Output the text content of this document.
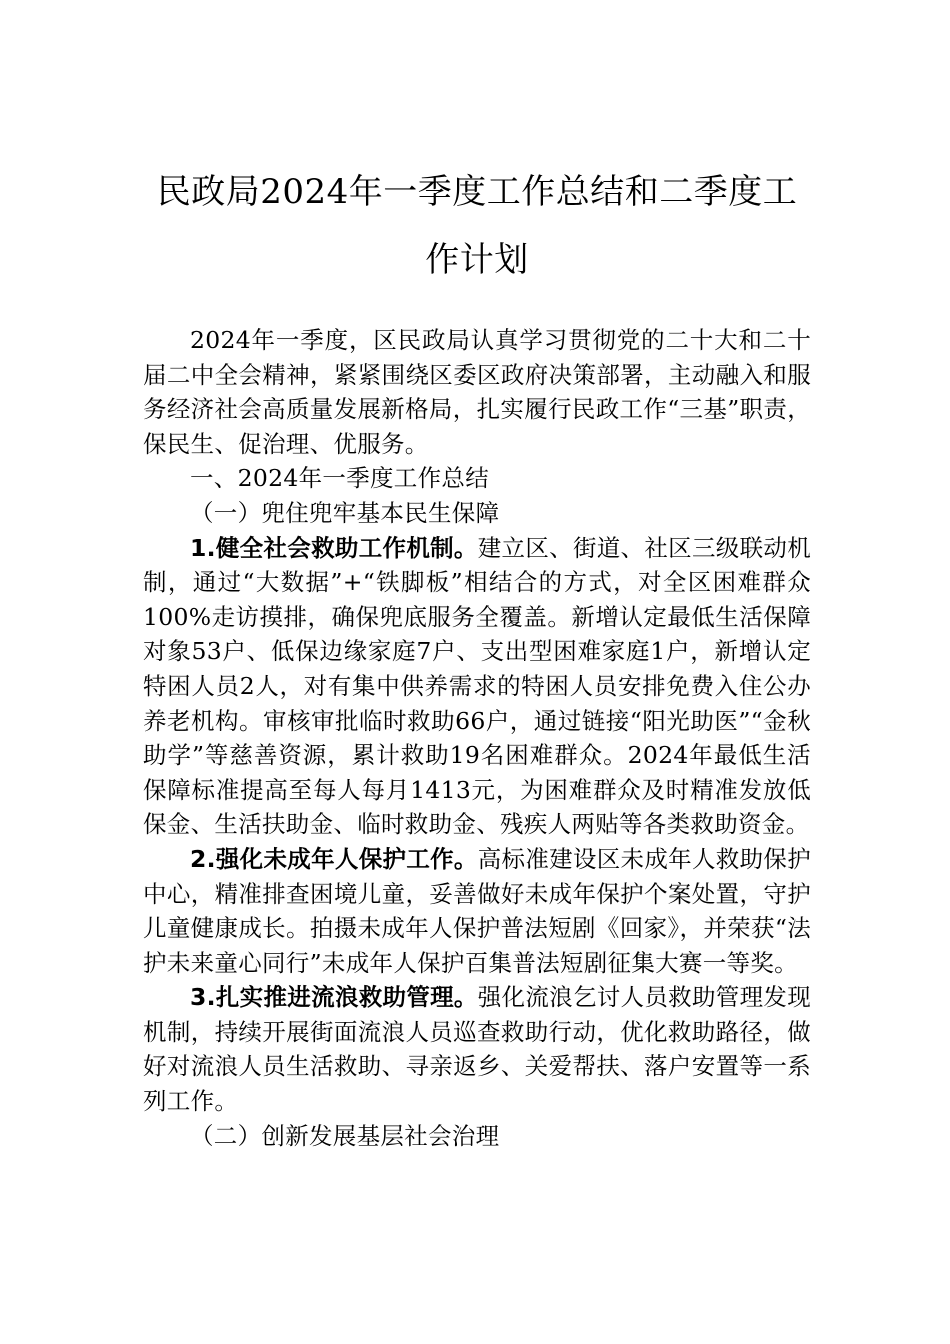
民政局2024年一季度工作总结和二季度工
作计划

2024年一季度，区民政局认真学习贯彻党的二十大和二十届二中全会精神，紧紧围绕区委区政府决策部署，主动融入和服务经济社会高质量发展新格局，扎实履行民政工作“三基”职责，保民生、促治理、优服务。

一、2024年一季度工作总结

（一）兜住兜牢基本民生保障

1.健全社会救助工作机制。建立区、街道、社区三级联动机制，通过“大数据”+“铁脚板”相结合的方式，对全区困难群众100%走访摸排，确保兜底服务全覆盖。新增认定最低生活保障对象53户、低保边缘家庭7户、支出型困难家庭1户，新增认定特困人员2人，对有集中供养需求的特困人员安排免费入住公办养老机构。审核审批临时救助66户，通过链接“阳光助医”“金秋助学”等慈善资源，累计救助19名困难群众。2024年最低生活保障标准提高至每人每月1413元，为困难群众及时精准发放低保金、生活扶助金、临时救助金、残疾人两贴等各类救助资金。

2.强化未成年人保护工作。高标准建设区未成年人救助保护中心，精准排查困境儿童，妥善做好未成年保护个案处置，守护儿童健康成长。拍摄未成年人保护普法短剧《回家》，并荣获“法护未来童心同行”未成年人保护百集普法短剧征集大赛一等奖。

3.扎实推进流浪救助管理。强化流浪乞讨人员救助管理发现机制，持续开展街面流浪人员巡查救助行动，优化救助路径，做好对流浪人员生活救助、寻亲返乡、关爱帮扶、落户安置等一系列工作。

（二）创新发展基层社会治理
